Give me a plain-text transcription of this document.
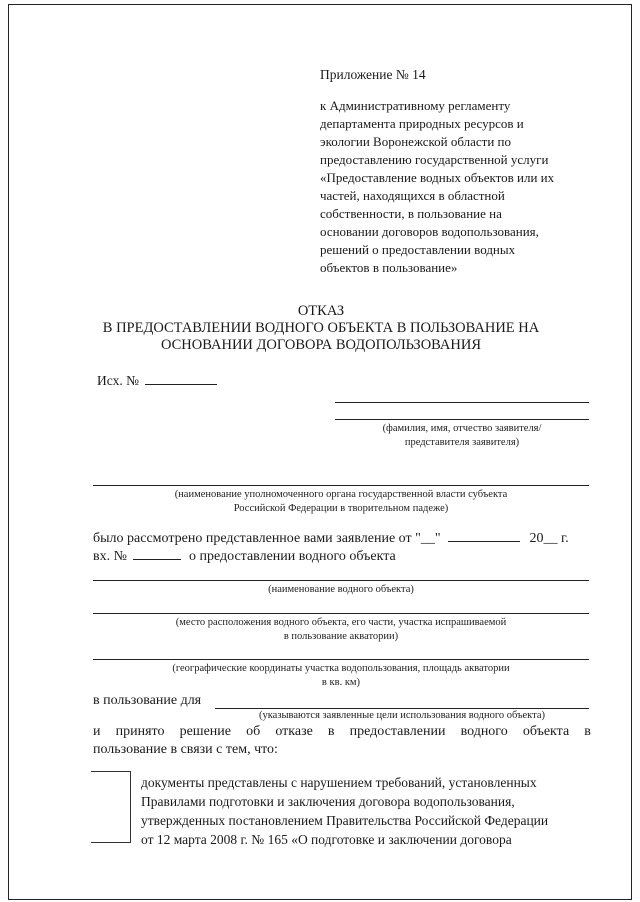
Приложение № 14
к Административному регламенту
департамента природных ресурсов и
экологии Воронежской области по
предоставлению государственной услуги
«Предоставление водных объектов или их
частей, находящихся в областной
собственности, в пользование на
основании договоров водопользования,
решений о предоставлении водных
объектов в пользование»
ОТКАЗ
В ПРЕДОСТАВЛЕНИИ ВОДНОГО ОБЪЕКТА В ПОЛЬЗОВАНИЕ НА
ОСНОВАНИИ ДОГОВОРА ВОДОПОЛЬЗОВАНИЯ
Исх. №
(фамилия, имя, отчество заявителя/
представителя заявителя)
(наименование уполномоченного органа государственной власти субъекта
Российской Федерации в творительном падеже)
было рассмотрено представленное вами заявление от "__"	20__ г.
вх. №	о предоставлении водного объекта
(наименование водного объекта)
(место расположения водного объекта, его части, участка испрашиваемой
в пользование акватории)
(географические координаты участка водопользования, площадь акватории
в кв. км)
в пользование для
(указываются заявленные цели использования водного объекта)
и принято решение об отказе в предоставлении водного объекта в
пользование в связи с тем, что:
документы представлены с нарушением требований, установленных
Правилами подготовки и заключения договора водопользования,
утвержденных постановлением Правительства Российской Федерации
от 12 марта 2008 г. № 165 «О подготовке и заключении договора
